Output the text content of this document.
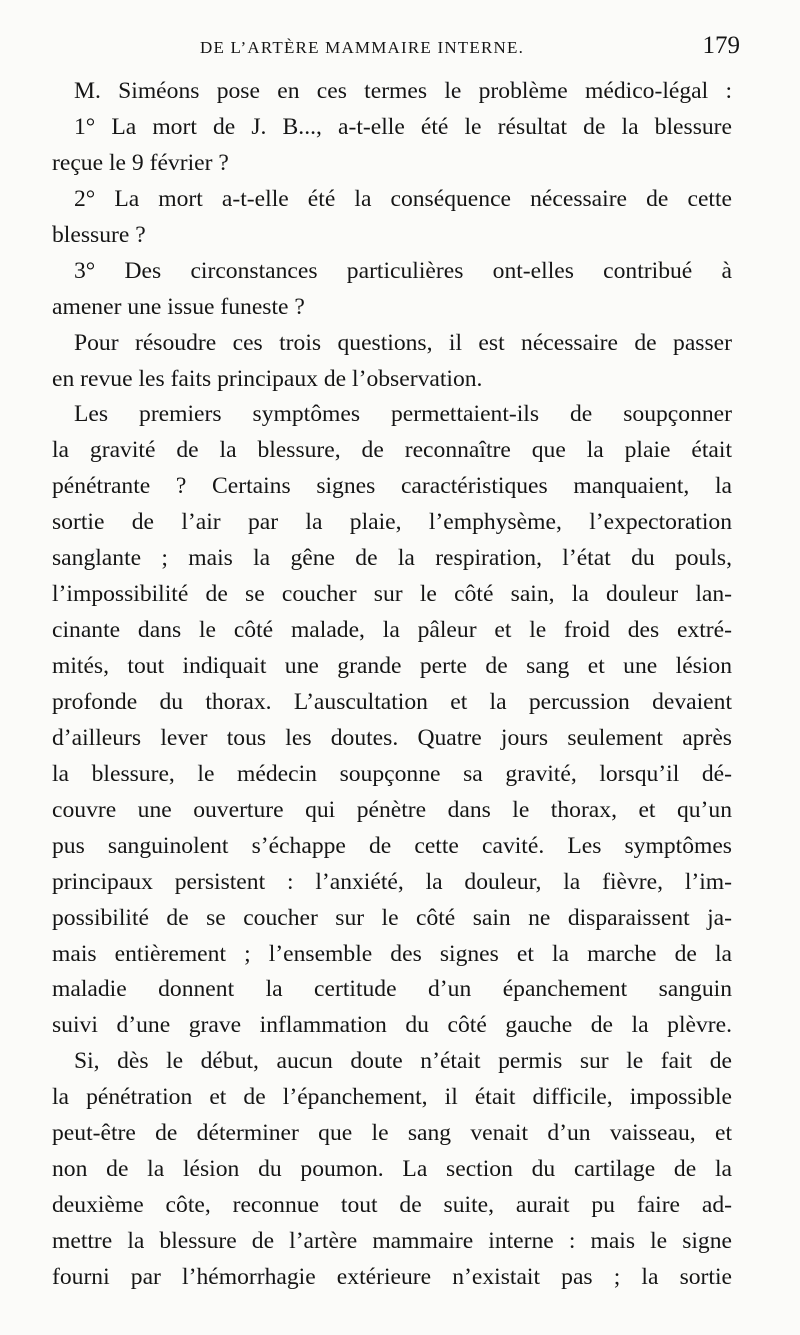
DE L’ARTÈRE MAMMAIRE INTERNE.	179
M. Siméons pose en ces termes le problème médico-légal :
1° La mort de J. B..., a-t-elle été le résultat de la blessure
reçue le 9 février ?
2° La mort a-t-elle été la conséquence nécessaire de cette
blessure ?
3° Des circonstances particulières ont-elles contribué à
amener une issue funeste ?
Pour résoudre ces trois questions, il est nécessaire de passer
en revue les faits principaux de l’observation.
Les premiers symptômes permettaient-ils de soupçonner
la gravité de la blessure, de reconnaître que la plaie était
pénétrante ? Certains signes caractéristiques manquaient, la
sortie de l’air par la plaie, l’emphysème, l’expectoration
sanglante ; mais la gêne de la respiration, l’état du pouls,
l’impossibilité de se coucher sur le côté sain, la douleur lan-
cinante dans le côté malade, la pâleur et le froid des extré-
mités, tout indiquait une grande perte de sang et une lésion
profonde du thorax. L’auscultation et la percussion devaient
d’ailleurs lever tous les doutes. Quatre jours seulement après
la blessure, le médecin soupçonne sa gravité, lorsqu’il dé-
couvre une ouverture qui pénètre dans le thorax, et qu’un
pus sanguinolent s’échappe de cette cavité. Les symptômes
principaux persistent : l’anxiété, la douleur, la fièvre, l’im-
possibilité de se coucher sur le côté sain ne disparaissent ja-
mais entièrement ; l’ensemble des signes et la marche de la
maladie donnent la certitude d’un épanchement sanguin
suivi d’une grave inflammation du côté gauche de la plèvre.
Si, dès le début, aucun doute n’était permis sur le fait de
la pénétration et de l’épanchement, il était difficile, impossible
peut-être de déterminer que le sang venait d’un vaisseau, et
non de la lésion du poumon. La section du cartilage de la
deuxième côte, reconnue tout de suite, aurait pu faire ad-
mettre la blessure de l’artère mammaire interne : mais le signe
fourni par l’hémorrhagie extérieure n’existait pas ; la sortie
